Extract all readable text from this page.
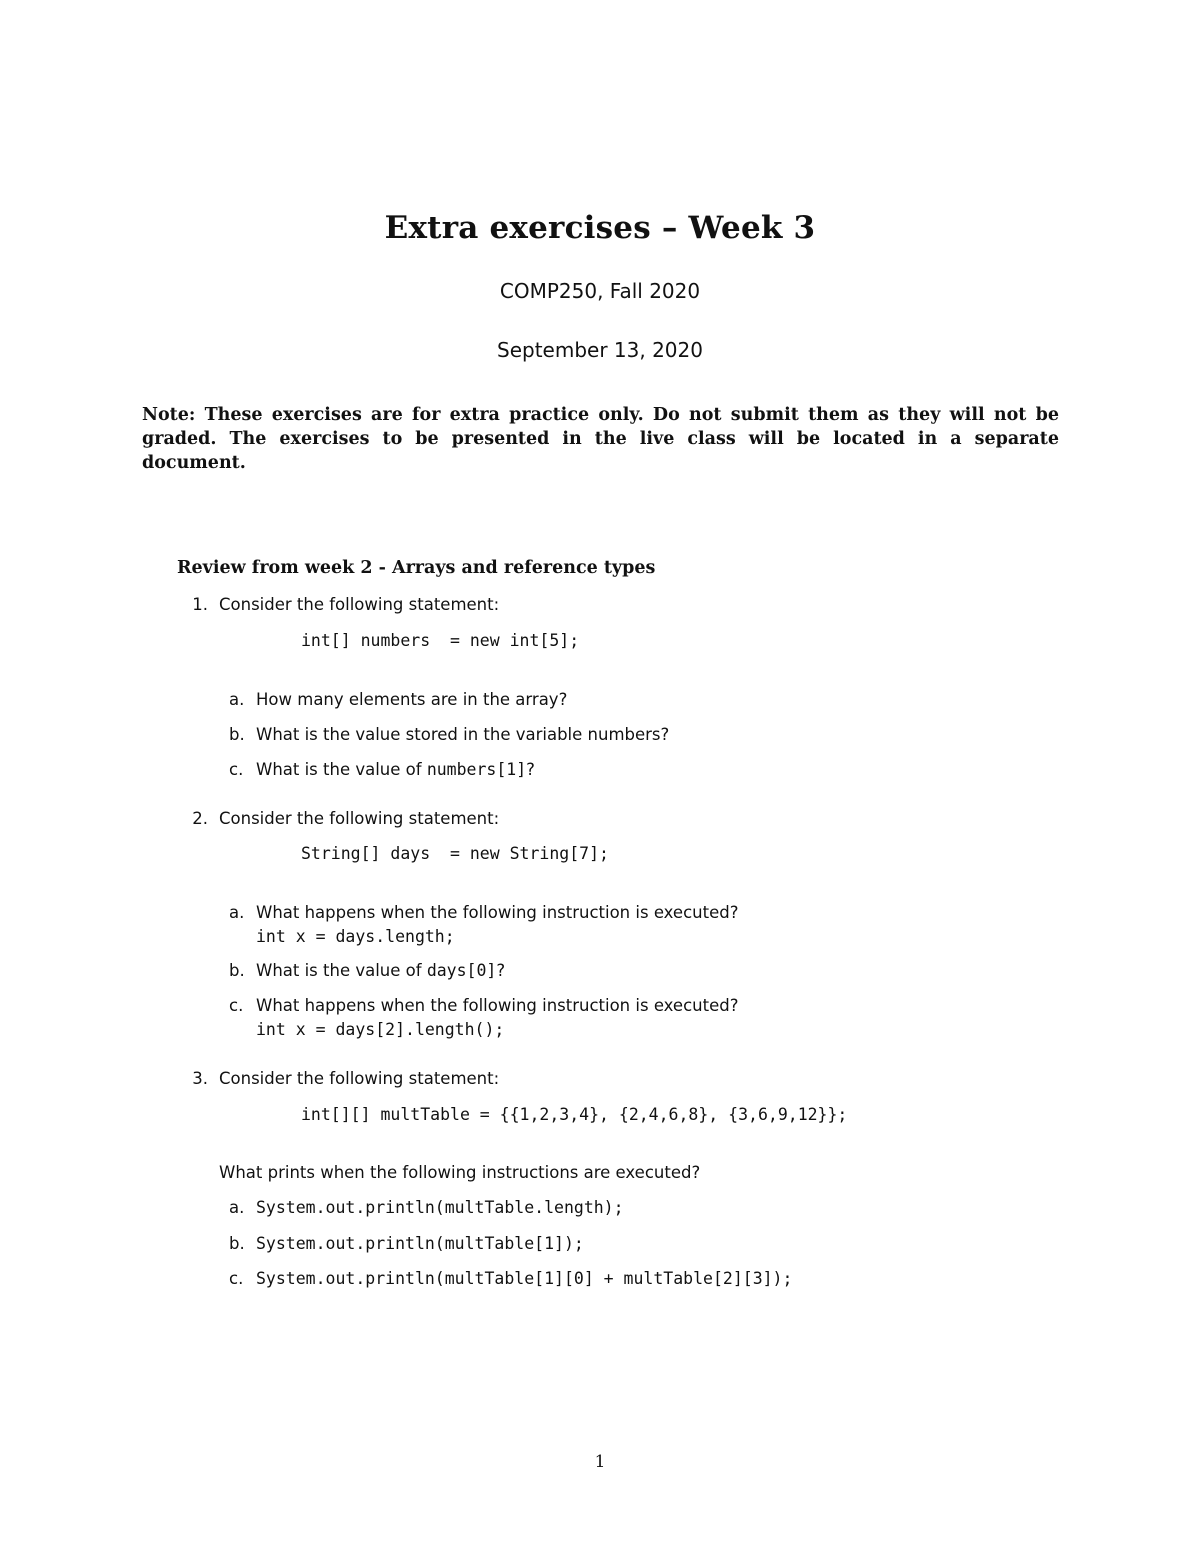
Extra exercises – Week 3
COMP250, Fall 2020
September 13, 2020
Note: These exercises are for extra practice only. Do not submit them as they will not be graded. The exercises to be presented in the live class will be located in a separate document.
Review from week 2 - Arrays and reference types
1. Consider the following statement:
int[] numbers  = new int[5];
a. How many elements are in the array?
b. What is the value stored in the variable numbers?
c. What is the value of numbers[1]?
2. Consider the following statement:
String[] days  = new String[7];
a. What happens when the following instruction is executed?
int x = days.length;
b. What is the value of days[0]?
c. What happens when the following instruction is executed?
int x = days[2].length();
3. Consider the following statement:
int[][] multTable = {{1,2,3,4}, {2,4,6,8}, {3,6,9,12}};
What prints when the following instructions are executed?
a. System.out.println(multTable.length);
b. System.out.println(multTable[1]);
c. System.out.println(multTable[1][0] + multTable[2][3]);
1
